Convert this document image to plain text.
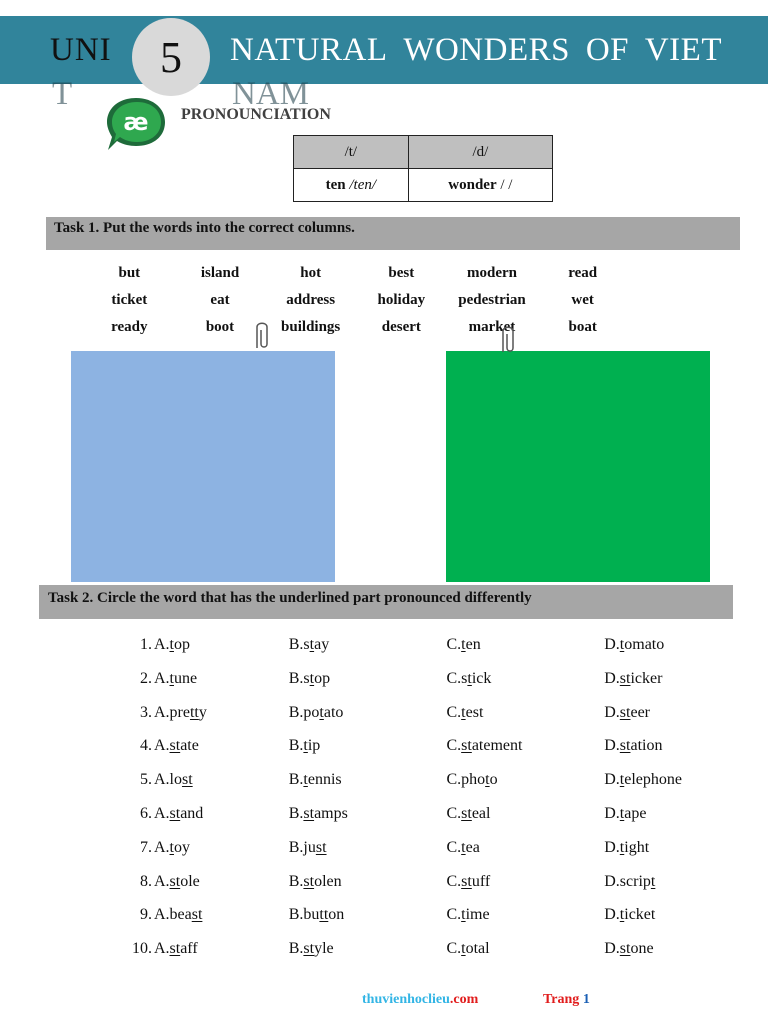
UNI	NATURAL WONDERS OF VIET
T	NAM
5
æ PRONOUNCIATION
/t/	/d/
ten /ten/	wonder / /
Task 1. Put the words into the correct columns.
but	island	hot	best	modern	read
ticket	eat	address	holiday	pedestrian	wet
ready	boot	buildings	desert	market	boat
Task 2. Circle the word that has the underlined part pronounced differently
1. A.top	B.stay	C.ten	D.tomato
2. A.tune	B.stop	C.stick	D.sticker
3. A.pretty	B.potato	C.test	D.steer
4. A.state	B.tip	C.statement	D.station
5. A.lost	B.tennis	C.photo	D.telephone
6. A.stand	B.stamps	C.steal	D.tape
7. A.toy	B.just	C.tea	D.tight
8. A.stole	B.stolen	C.stuff	D.script
9. A.beast	B.button	C.time	D.ticket
10. A.staff	B.style	C.total	D.stone
thuvienhoclieu.com	Trang 1
